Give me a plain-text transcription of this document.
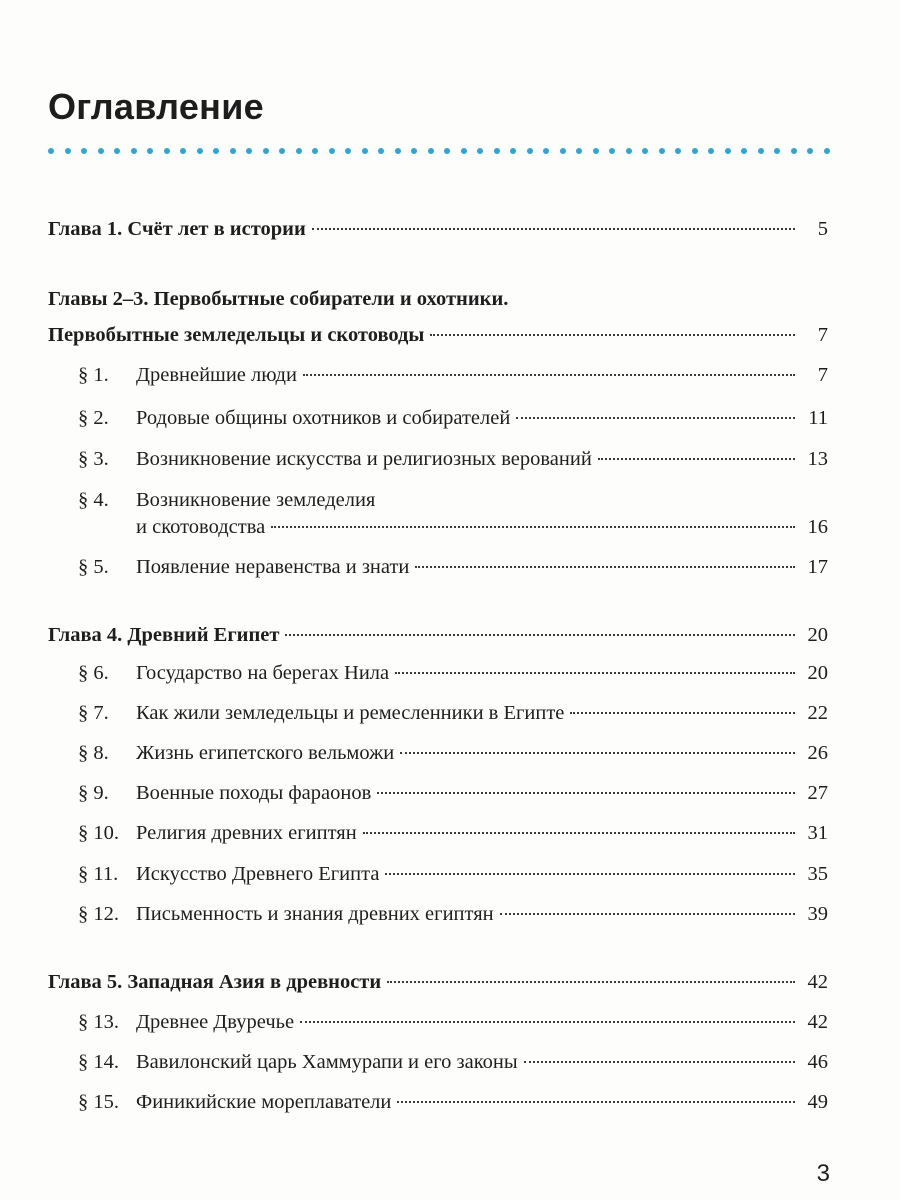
Оглавление
Глава 1. Счёт лет в истории	5
Главы 2–3. Первобытные собиратели и охотники.
Первобытные земледельцы и скотоводы	7
§ 1.	Древнейшие люди	7
§ 2.	Родовые общины охотников и собирателей	11
§ 3.	Возникновение искусства и религиозных верований	13
§ 4.	Возникновение земледелия
и скотоводства	16
§ 5.	Появление неравенства и знати	17
Глава 4. Древний Египет	20
§ 6.	Государство на берегах Нила	20
§ 7.	Как жили земледельцы и ремесленники в Египте	22
§ 8.	Жизнь египетского вельможи	26
§ 9.	Военные походы фараонов	27
§ 10. Религия древних египтян	31
§ 11. Искусство Древнего Египта	35
§ 12. Письменность и знания древних египтян	39
Глава 5. Западная Азия в древности	42
§ 13. Древнее Двуречье	42
§ 14. Вавилонский царь Хаммурапи и его законы	46
§ 15. Финикийские мореплаватели	49
3
